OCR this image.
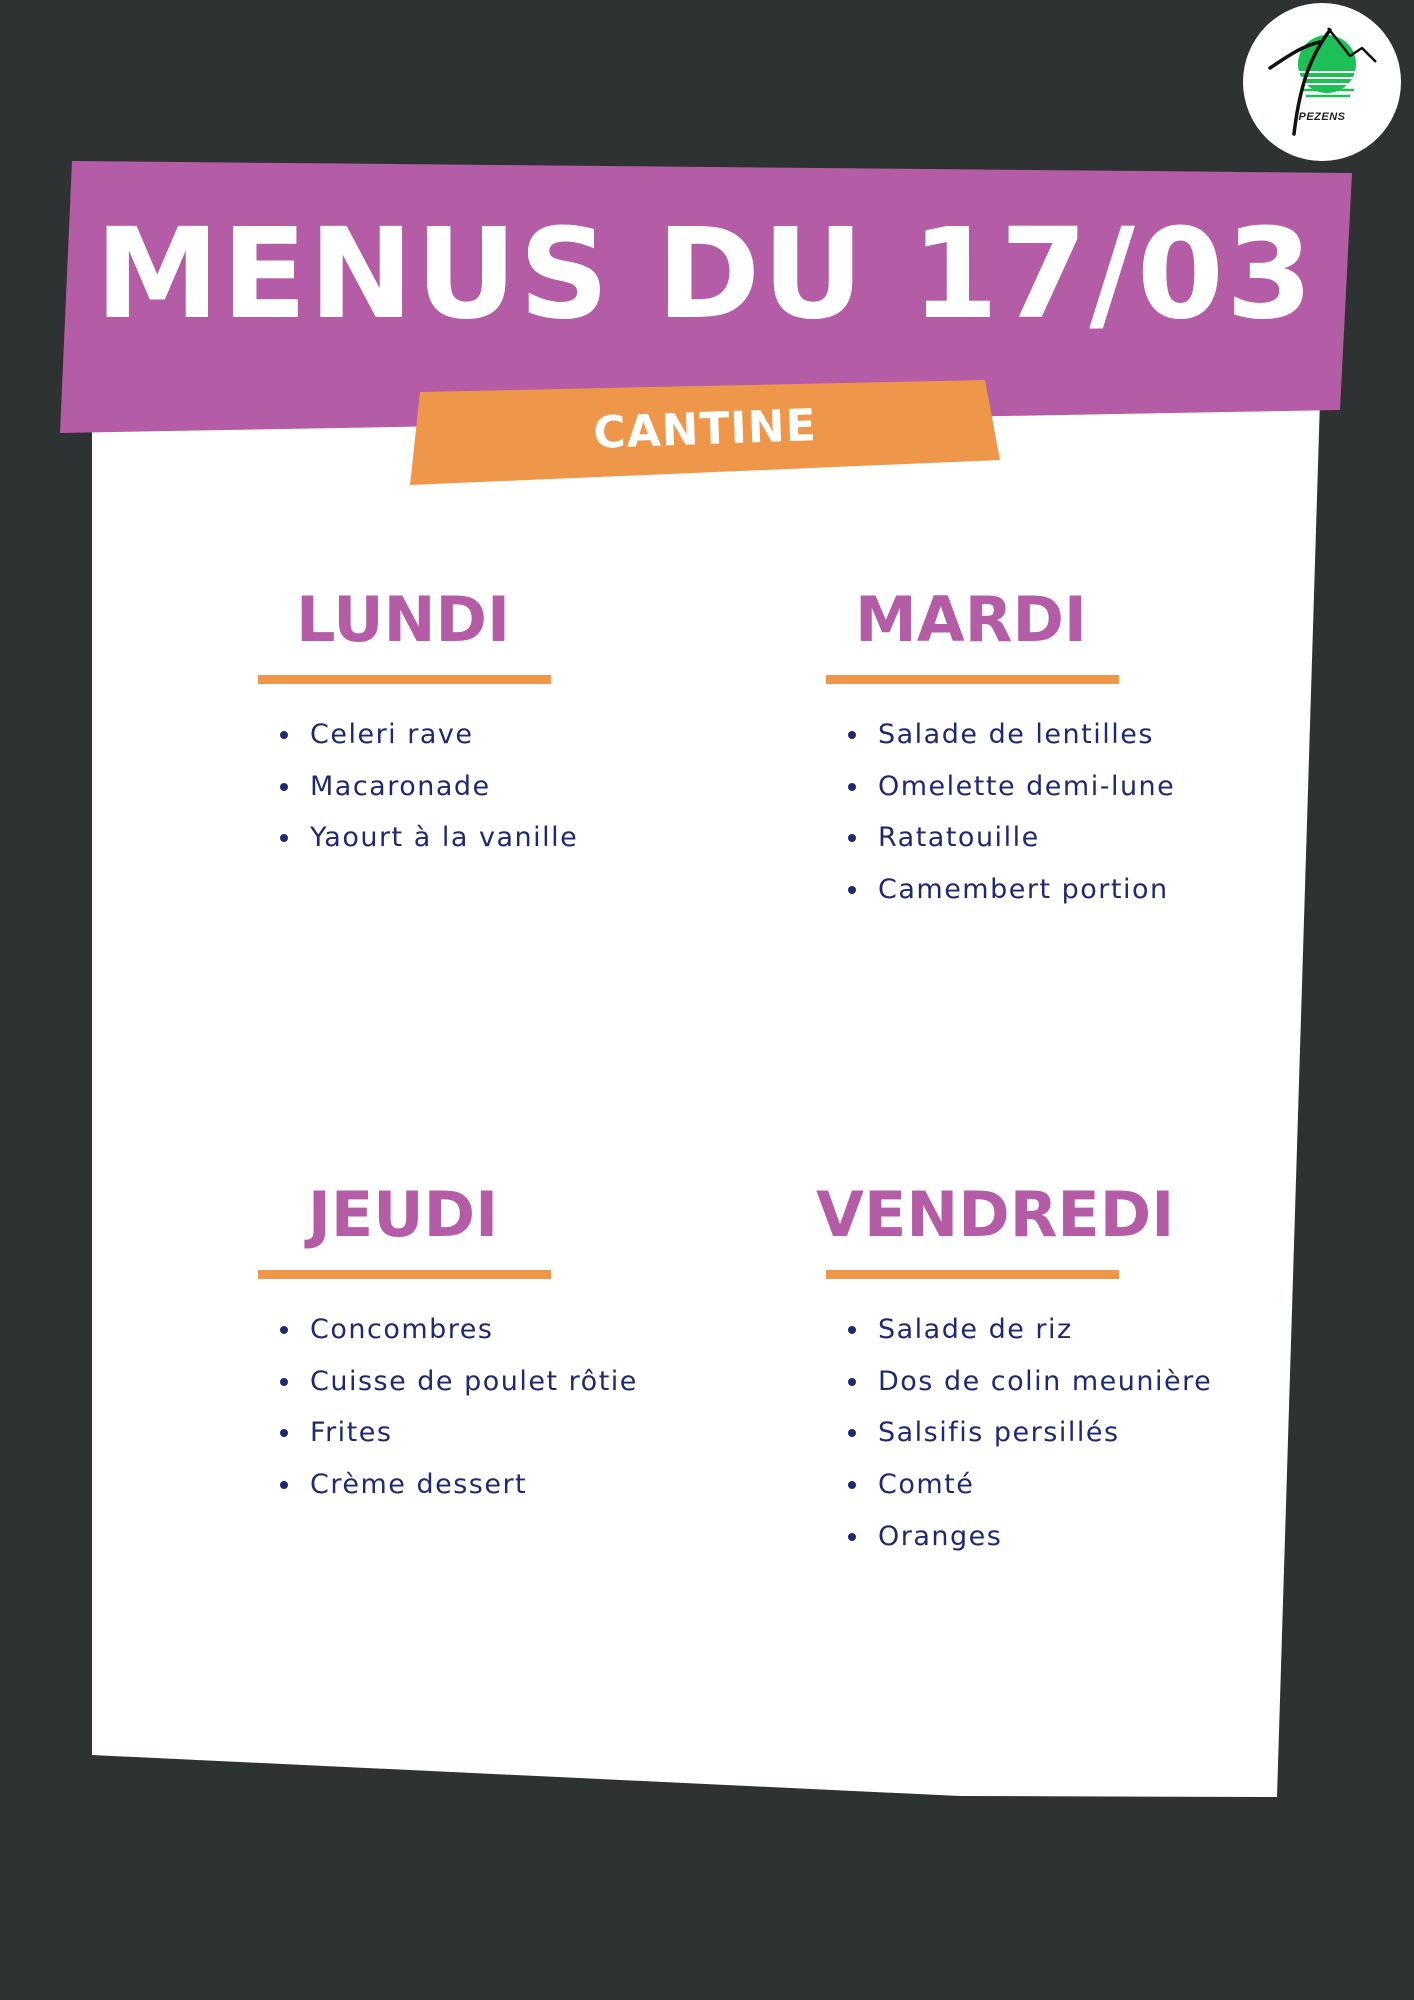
PEZENS
MENUS DU 17/03
CANTINE
LUNDI
Celeri rave
Macaronade
Yaourt à la vanille
MARDI
Salade de lentilles
Omelette demi-lune
Ratatouille
Camembert portion
JEUDI
Concombres
Cuisse de poulet rôtie
Frites
Crème dessert
VENDREDI
Salade de riz
Dos de colin meunière
Salsifis persillés
Comté
Oranges
